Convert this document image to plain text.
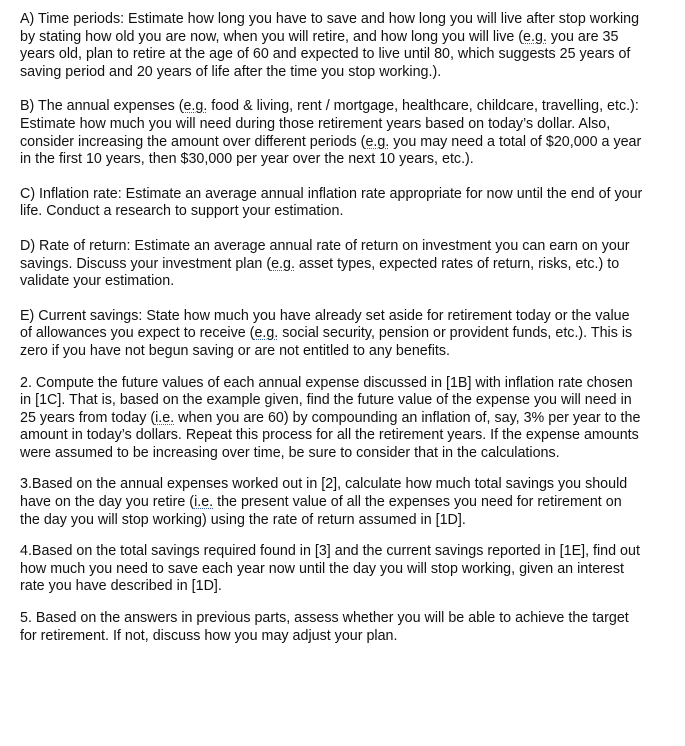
A) Time periods: Estimate how long you have to save and how long you will live after stop working by stating how old you are now, when you will retire, and how long you will live (e.g. you are 35 years old, plan to retire at the age of 60 and expected to live until 80, which suggests 25 years of saving period and 20 years of life after the time you stop working.).

B) The annual expenses (e.g. food & living, rent / mortgage, healthcare, childcare, travelling, etc.): Estimate how much you will need during those retirement years based on today’s dollar. Also, consider increasing the amount over different periods (e.g. you may need a total of $20,000 a year in the first 10 years, then $30,000 per year over the next 10 years, etc.).

C) Inflation rate: Estimate an average annual inflation rate appropriate for now until the end of your life. Conduct a research to support your estimation.

D) Rate of return: Estimate an average annual rate of return on investment you can earn on your savings. Discuss your investment plan (e.g. asset types, expected rates of return, risks, etc.) to validate your estimation.

E) Current savings: State how much you have already set aside for retirement today or the value of allowances you expect to receive (e.g. social security, pension or provident funds, etc.). This is zero if you have not begun saving or are not entitled to any benefits.

2. Compute the future values of each annual expense discussed in [1B] with inflation rate chosen in [1C]. That is, based on the example given, find the future value of the expense you will need in 25 years from today (i.e. when you are 60) by compounding an inflation of, say, 3% per year to the amount in today’s dollars. Repeat this process for all the retirement years. If the expense amounts were assumed to be increasing over time, be sure to consider that in the calculations.

3.Based on the annual expenses worked out in [2], calculate how much total savings you should have on the day you retire (i.e. the present value of all the expenses you need for retirement on the day you will stop working) using the rate of return assumed in [1D].

4.Based on the total savings required found in [3] and the current savings reported in [1E], find out how much you need to save each year now until the day you will stop working, given an interest rate you have described in [1D].

5. Based on the answers in previous parts, assess whether you will be able to achieve the target for retirement. If not, discuss how you may adjust your plan.
